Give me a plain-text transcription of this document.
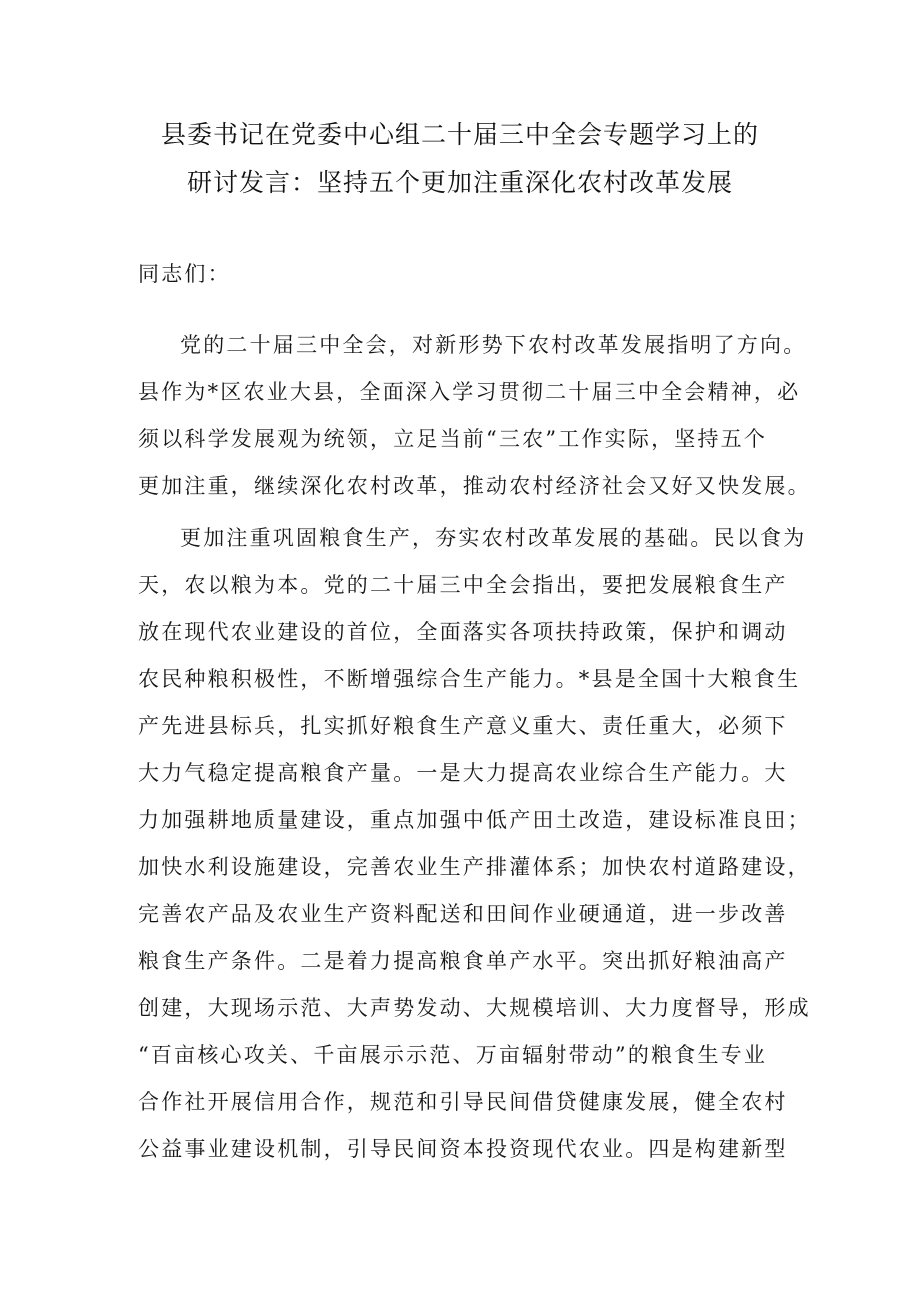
县委书记在党委中心组二十届三中全会专题学习上的
研讨发言：坚持五个更加注重深化农村改革发展
同志们：
党的二十届三中全会，对新形势下农村改革发展指明了方向。
县作为*区农业大县，全面深入学习贯彻二十届三中全会精神，必
须以科学发展观为统领，立足当前“三农”工作实际，坚持五个
更加注重，继续深化农村改革，推动农村经济社会又好又快发展。
更加注重巩固粮食生产，夯实农村改革发展的基础。民以食为
天，农以粮为本。党的二十届三中全会指出，要把发展粮食生产
放在现代农业建设的首位，全面落实各项扶持政策，保护和调动
农民种粮积极性，不断增强综合生产能力。*县是全国十大粮食生
产先进县标兵，扎实抓好粮食生产意义重大、责任重大，必须下
大力气稳定提高粮食产量。一是大力提高农业综合生产能力。大
力加强耕地质量建设，重点加强中低产田土改造，建设标准良田；
加快水利设施建设，完善农业生产排灌体系；加快农村道路建设，
完善农产品及农业生产资料配送和田间作业硬通道，进一步改善
粮食生产条件。二是着力提高粮食单产水平。突出抓好粮油高产
创建，大现场示范、大声势发动、大规模培训、大力度督导，形成
“百亩核心攻关、千亩展示示范、万亩辐射带动”的粮食生专业
合作社开展信用合作，规范和引导民间借贷健康发展，健全农村
公益事业建设机制，引导民间资本投资现代农业。四是构建新型
